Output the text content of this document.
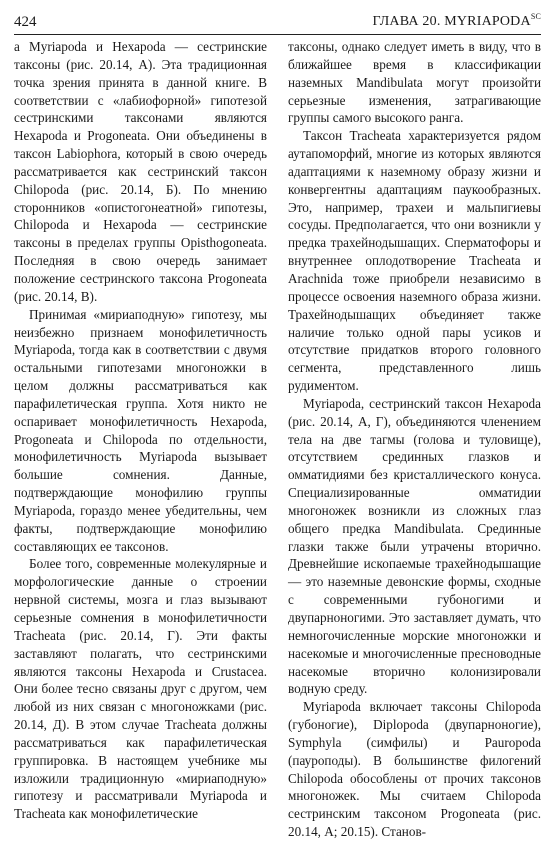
424	ГЛАВА 20. $MYRIAPODA^{SC}$

а Myriapoda и Hexapoda — сестринские таксоны (рис. 20.14, А). Эта традиционная точка зрения принята в данной книге. В соответствии с «лабиофорной» гипотезой сестринскими таксонами являются Hexapoda и Progoneata. Они объединены в таксон Labiophora, который в свою очередь рассматривается как сестринский таксон Chilopoda (рис. 20.14, Б). По мнению сторонников «опистогонеатной» гипотезы, Chilopoda и Hexapoda — сестринские таксоны в пределах группы Opisthogoneata. Последняя в свою очередь занимает положение сестринского таксона Progoneata (рис. 20.14, В).

Принимая «мириаподную» гипотезу, мы неизбежно признаем монофилетичность Myriapoda, тогда как в соответствии с двумя остальными гипотезами многоножки в целом должны рассматриваться как парафилетическая группа. Хотя никто не оспаривает монофилетичность Hexapoda, Progoneata и Chilopoda по отдельности, монофилетичность Myriapoda вызывает большие сомнения. Данные, подтверждающие монофилию группы Myriapoda, гораздо менее убедительны, чем факты, подтверждающие монофилию составляющих ее таксонов.

Более того, современные молекулярные и морфологические данные о строении нервной системы, мозга и глаз вызывают серьезные сомнения в монофилетичности Tracheata (рис. 20.14, Г). Эти факты заставляют полагать, что сестринскими являются таксоны Hexapoda и Crustacea. Они более тесно связаны друг с другом, чем любой из них связан с многоножками (рис. 20.14, Д). В этом случае Tracheata должны рассматриваться как парафилетическая группировка. В настоящем учебнике мы изложили традиционную «мириаподную» гипотезу и рассматривали Myriapoda и Tracheata как монофилетические

таксоны, однако следует иметь в виду, что в ближайшее время в классификации наземных Mandibulata могут произойти серьезные изменения, затрагивающие группы самого высокого ранга.

Таксон Tracheata характеризуется рядом аутапоморфий, многие из которых являются адаптациями к наземному образу жизни и конвергентны адаптациям паукообразных. Это, например, трахеи и мальпигиевы сосуды. Предполагается, что они возникли у предка трахейнодышащих. Сперматофоры и внутреннее оплодотворение Tracheata и Arachnida тоже приобрели независимо в процессе освоения наземного образа жизни. Трахейнодышащих объединяет также наличие только одной пары усиков и отсутствие придатков второго головного сегмента, представленного лишь рудиментом.

Myriapoda, сестринский таксон Hexapoda (рис. 20.14, А, Г), объединяются членением тела на две тагмы (голова и туловище), отсутствием срединных глазков и омматидиями без кристаллического конуса. Специализированные омматидии многоножек возникли из сложных глаз общего предка Mandibulata. Срединные глазки также были утрачены вторично. Древнейшие ископаемые трахейнодышащие — это наземные девонские формы, сходные с современными губоногими и двупарноногими. Это заставляет думать, что немногочисленные морские многоножки и насекомые и многочисленные пресноводные насекомые вторично колонизировали водную среду.

Myriapoda включает таксоны Chilopoda (губоногие), Diplopoda (двупарноногие), Symphyla (симфилы) и Pauropoda (пауроподы). В большинстве филогений Chilopoda обособлены от прочих таксонов многоножек. Мы считаем Chilopoda сестринским таксоном Progoneata (рис. 20.14, А; 20.15). Станов-
